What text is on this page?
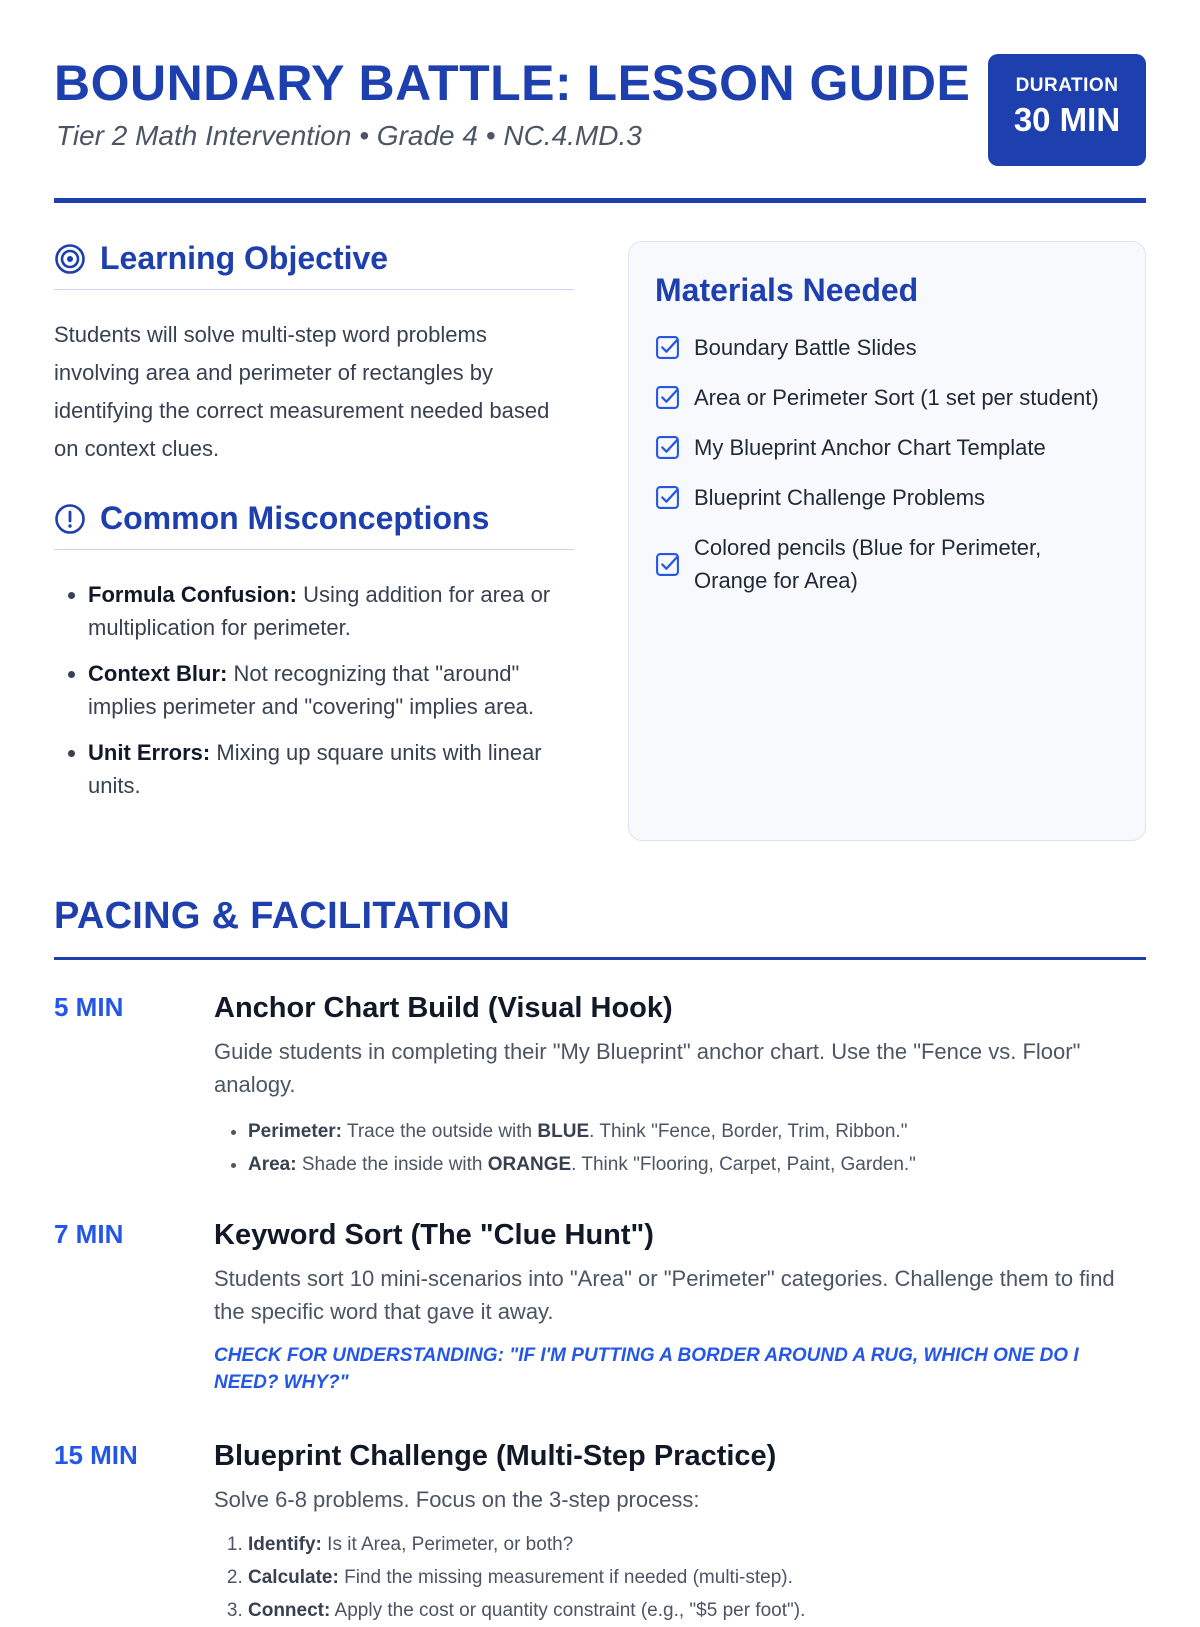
BOUNDARY BATTLE: LESSON GUIDE
Tier 2 Math Intervention • Grade 4 • NC.4.MD.3
DURATION
30 MIN
Learning Objective

Students will solve multi-step word problems involving area and perimeter of rectangles by identifying the correct measurement needed based on context clues.

Common Misconceptions
• Formula Confusion: Using addition for area or multiplication for perimeter.
• Context Blur: Not recognizing that "around" implies perimeter and "covering" implies area.
• Unit Errors: Mixing up square units with linear units.
Materials Needed
Boundary Battle Slides
Area or Perimeter Sort (1 set per student)
My Blueprint Anchor Chart Template
Blueprint Challenge Problems
Colored pencils (Blue for Perimeter, Orange for Area)
PACING & FACILITATION
5 MIN	Anchor Chart Build (Visual Hook)

Guide students in completing their "My Blueprint" anchor chart. Use the "Fence vs. Floor" analogy.

• Perimeter: Trace the outside with BLUE. Think "Fence, Border, Trim, Ribbon."
• Area: Shade the inside with ORANGE. Think "Flooring, Carpet, Paint, Garden."
7 MIN	Keyword Sort (The "Clue Hunt")

Students sort 10 mini-scenarios into "Area" or "Perimeter" categories. Challenge them to find the specific word that gave it away.

CHECK FOR UNDERSTANDING: "IF I'M PUTTING A BORDER AROUND A RUG, WHICH ONE DO I NEED? WHY?"

15 MIN	Blueprint Challenge (Multi-Step Practice)

Solve 6-8 problems. Focus on the 3-step process:

1. Identify: Is it Area, Perimeter, or both?
2. Calculate: Find the missing measurement if needed (multi-step).
3. Connect: Apply the cost or quantity constraint (e.g., "$5 per foot").
